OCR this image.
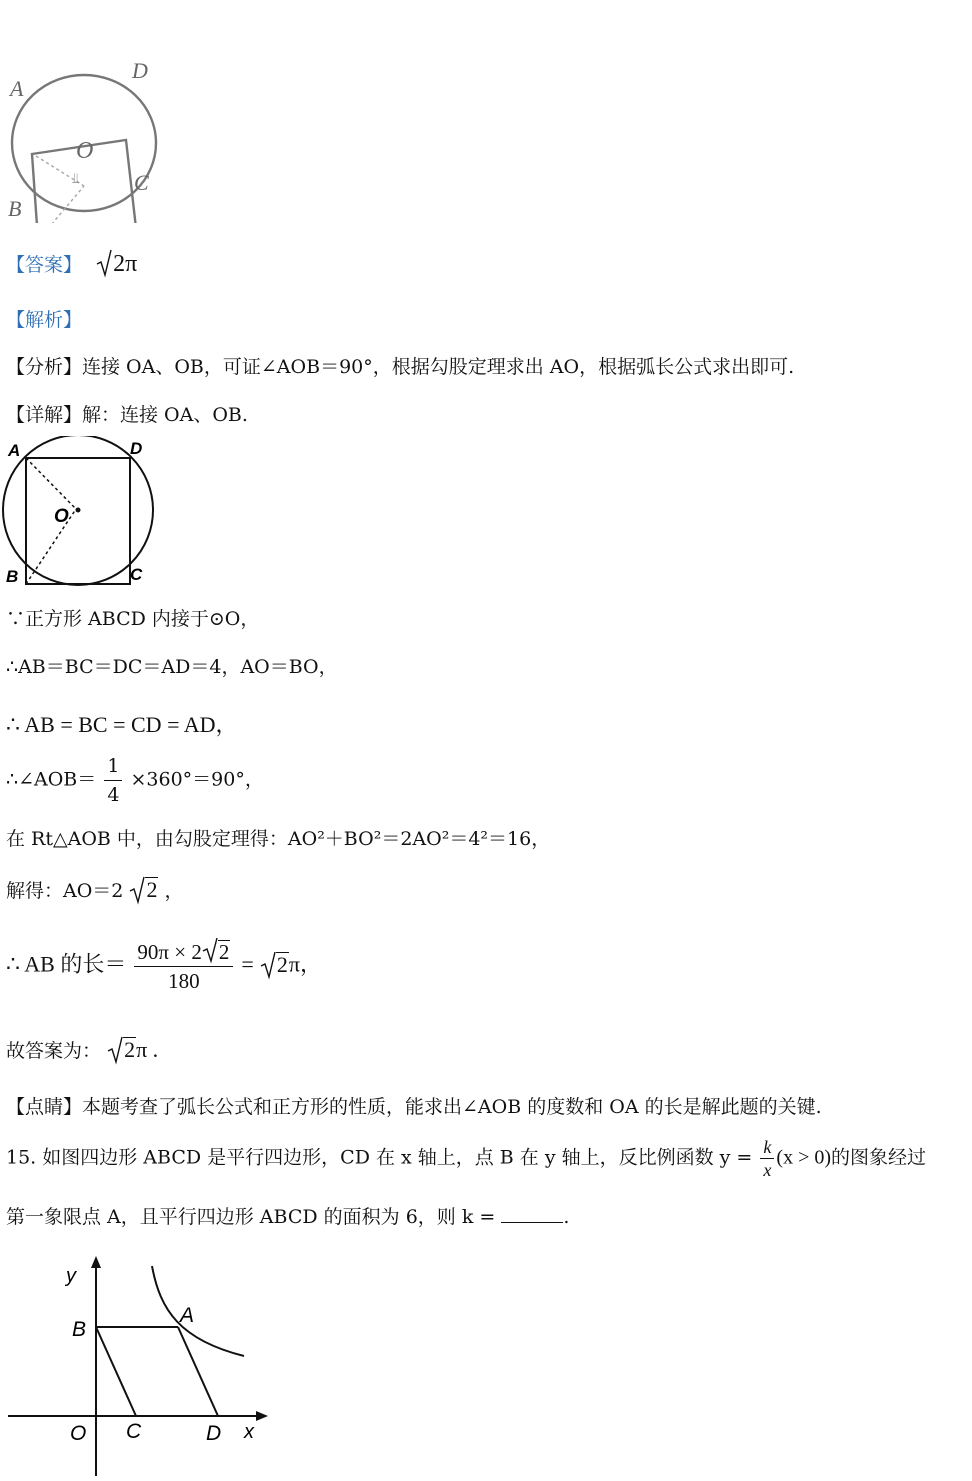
A
D
B
C
O
⫫
【答案】 2π
【解析】
【分析】连接 OA、OB，可证∠AOB＝90°，根据勾股定理求出 AO，根据弧长公式求出即可.
【详解】解：连接 OA、OB.
A	D
B	C
O
∵正方形 ABCD 内接于⊙O，
∴AB＝BC＝DC＝AD＝4，AO＝BO，
∴ AB = BC = CD = AD，
∴∠AOB＝ $\frac{1}{4} \times 360^\circ=90^\circ$，
在 Rt△AOB 中，由勾股定理得：AO²＋BO²＝2AO²＝4²＝16，
解得：AO＝2 2 ，
∴ AB 的长＝ $\frac{90\pi \times 2 2}{180} = 2\pi$，
故答案为： 2π .
【点睛】本题考查了弧长公式和正方形的性质，能求出∠AOB 的度数和 OA 的长是解此题的关键.
15. 如图四边形 ABCD 是平行四边形，CD 在 x 轴上，点 B 在 y 轴上，反比例函数 $y = \frac{k}{x} (x > 0)$的图象经过
第一象限点 A，且平行四边形 ABCD 的面积为 6，则 k =	.
y
x
O
B
A
C	D
